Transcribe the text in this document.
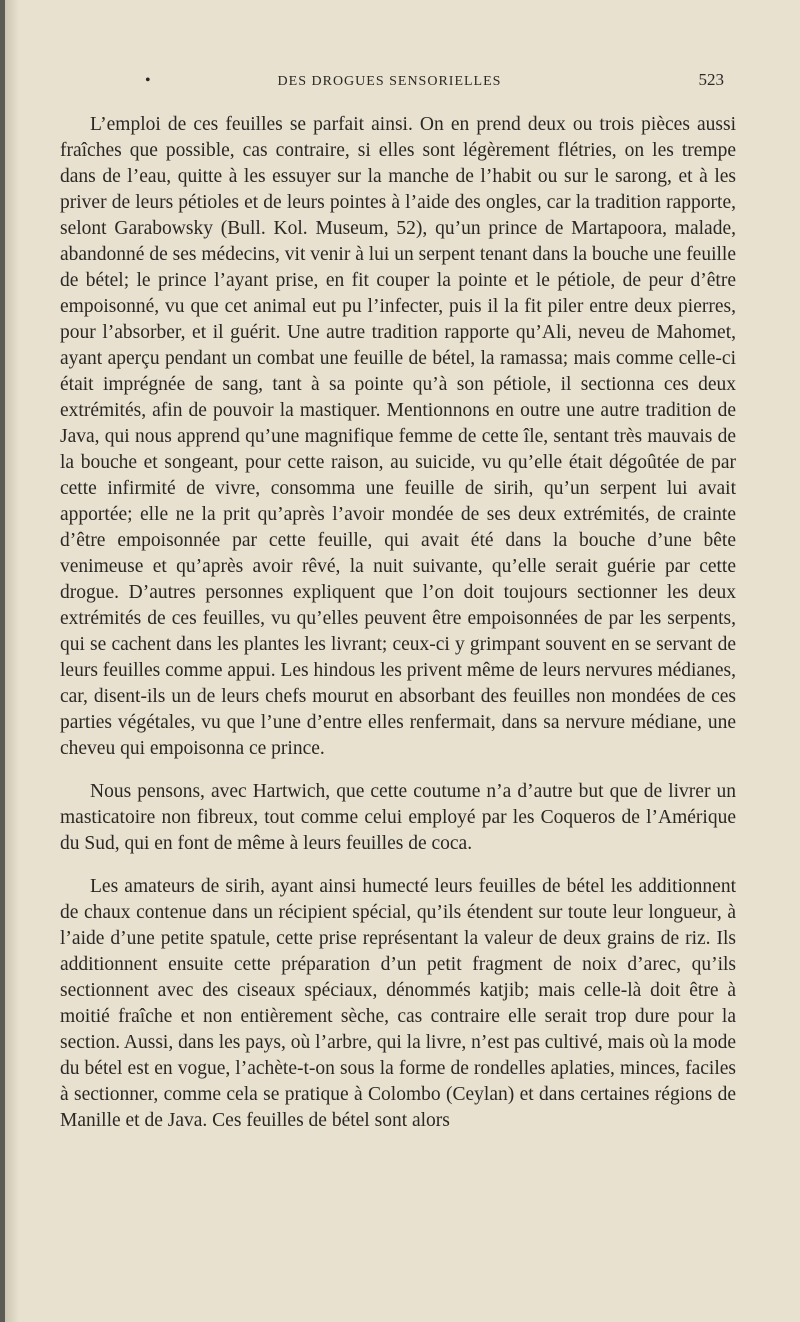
•	DES DROGUES SENSORIELLES	523

L’emploi de ces feuilles se parfait ainsi. On en prend deux ou trois pièces aussi fraîches que possible, cas contraire, si elles sont légèrement flétries, on les trempe dans de l’eau, quitte à les essuyer sur la manche de l’habit ou sur le sarong, et à les priver de leurs pétioles et de leurs pointes à l’aide des ongles, car la tradition rapporte, selont Garabowsky (Bull. Kol. Museum, 52), qu’un prince de Martapoora, malade, abandonné de ses médecins, vit venir à lui un serpent tenant dans la bouche une feuille de bétel; le prince l’ayant prise, en fit couper la pointe et le pétiole, de peur d’être empoisonné, vu que cet animal eut pu l’infecter, puis il la fit piler entre deux pierres, pour l’absorber, et il guérit. Une autre tradition rapporte qu’Ali, neveu de Mahomet, ayant aperçu pendant un combat une feuille de bétel, la ramassa; mais comme celle-ci était imprégnée de sang, tant à sa pointe qu’à son pétiole, il sectionna ces deux extrémités, afin de pouvoir la mastiquer. Mentionnons en outre une autre tradition de Java, qui nous apprend qu’une magnifique femme de cette île, sentant très mauvais de la bouche et songeant, pour cette raison, au suicide, vu qu’elle était dégoûtée de par cette infirmité de vivre, consomma une feuille de sirih, qu’un serpent lui avait apportée; elle ne la prit qu’après l’avoir mondée de ses deux extrémités, de crainte d’être empoisonnée par cette feuille, qui avait été dans la bouche d’une bête venimeuse et qu’après avoir rêvé, la nuit suivante, qu’elle serait guérie par cette drogue. D’autres personnes expliquent que l’on doit toujours sectionner les deux extrémités de ces feuilles, vu qu’elles peuvent être empoisonnées de par les serpents, qui se cachent dans les plantes les livrant; ceux-ci y grimpant souvent en se servant de leurs feuilles comme appui. Les hindous les privent même de leurs nervures médianes, car, disent-ils un de leurs chefs mourut en absorbant des feuilles non mondées de ces parties végétales, vu que l’une d’entre elles renfermait, dans sa nervure médiane, une cheveu qui empoisonna ce prince.

Nous pensons, avec Hartwich, que cette coutume n’a d’autre but que de livrer un masticatoire non fibreux, tout comme celui employé par les Coqueros de l’Amérique du Sud, qui en font de même à leurs feuilles de coca.

Les amateurs de sirih, ayant ainsi humecté leurs feuilles de bétel les additionnent de chaux contenue dans un récipient spécial, qu’ils étendent sur toute leur longueur, à l’aide d’une petite spatule, cette prise représentant la valeur de deux grains de riz. Ils additionnent ensuite cette préparation d’un petit fragment de noix d’arec, qu’ils sectionnent avec des ciseaux spéciaux, dénommés katjib; mais celle-là doit être à moitié fraîche et non entièrement sèche, cas contraire elle serait trop dure pour la section. Aussi, dans les pays, où l’arbre, qui la livre, n’est pas cultivé, mais où la mode du bétel est en vogue, l’achète-t-on sous la forme de rondelles aplaties, minces, faciles à sectionner, comme cela se pratique à Colombo (Ceylan) et dans certaines régions de Manille et de Java. Ces feuilles de bétel sont alors
